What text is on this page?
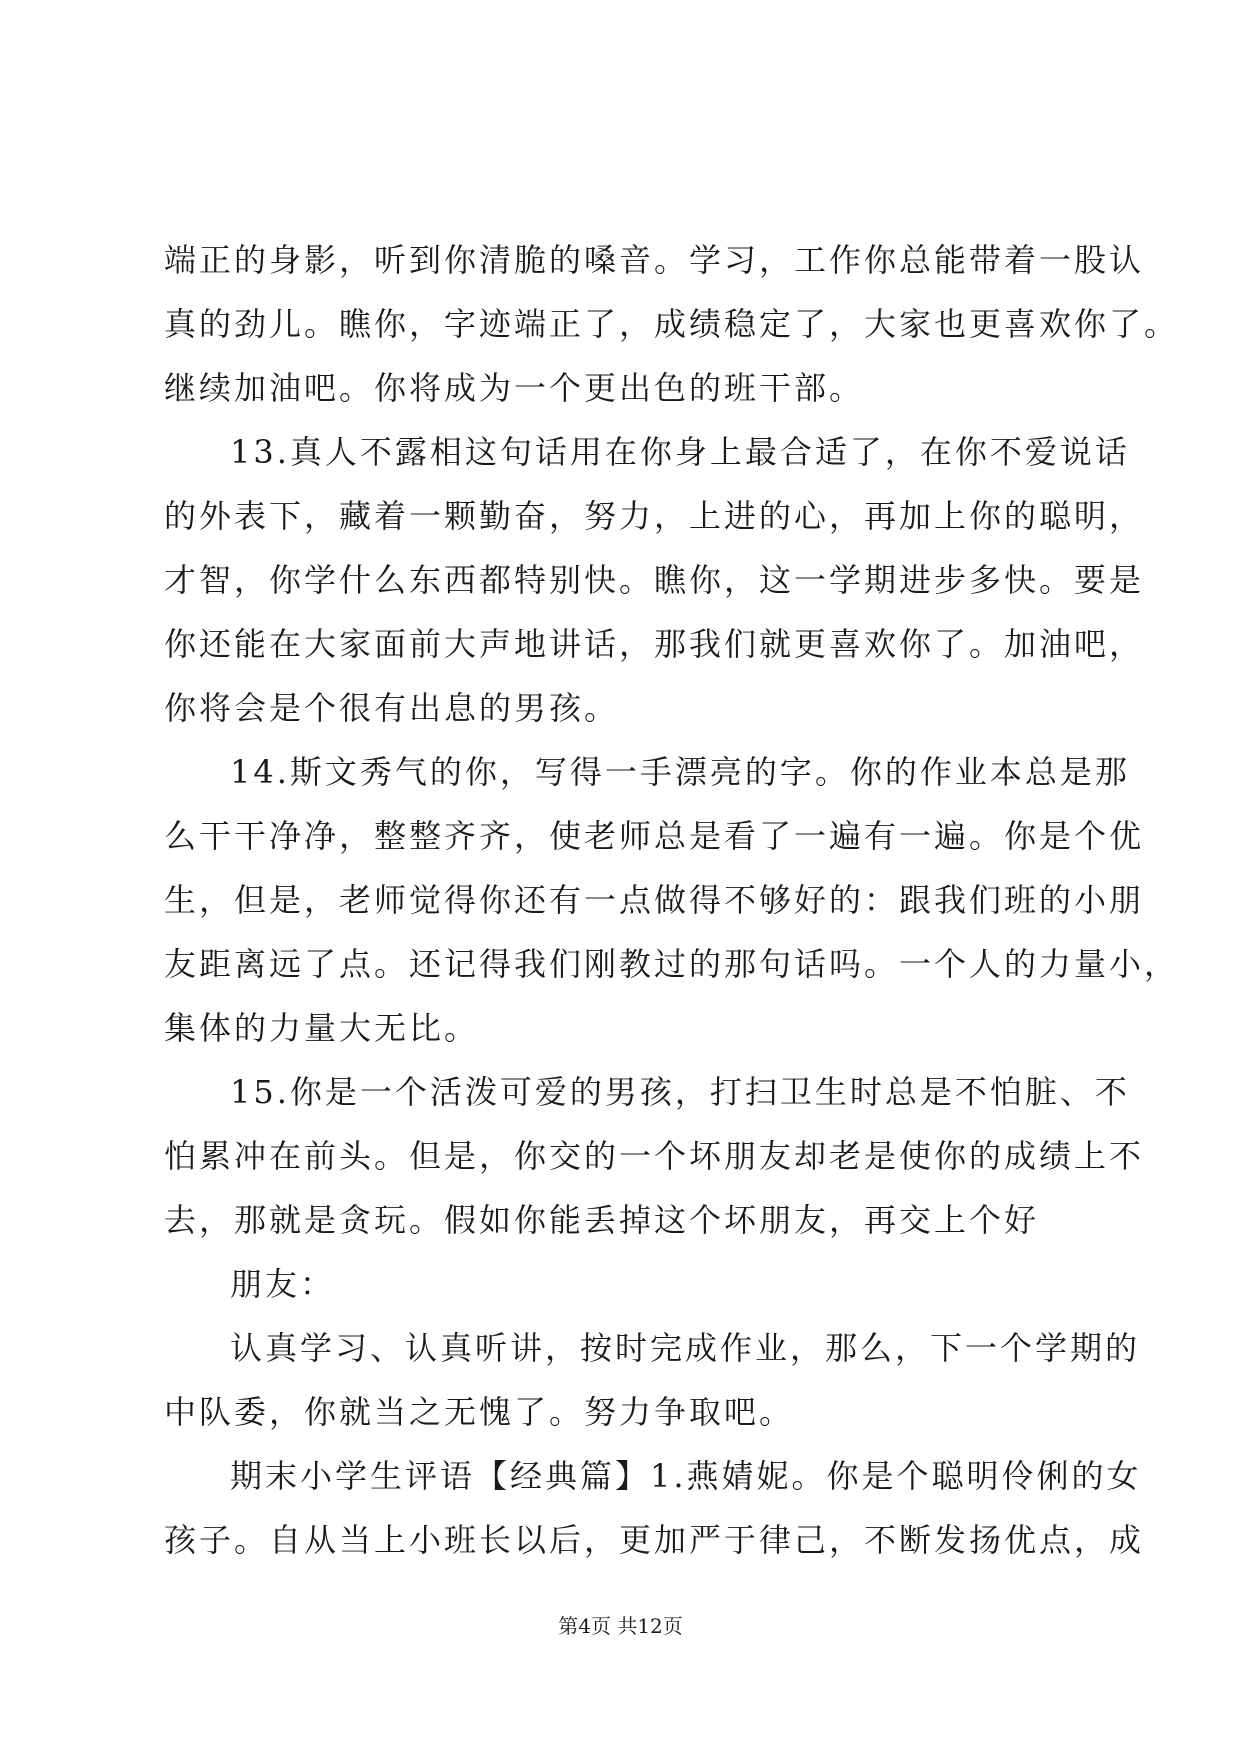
端正的身影，听到你清脆的嗓音。学习，工作你总能带着一股认
真的劲儿。瞧你，字迹端正了，成绩稳定了，大家也更喜欢你了。
继续加油吧。你将成为一个更出色的班干部。
13.真人不露相这句话用在你身上最合适了，在你不爱说话
的外表下，藏着一颗勤奋，努力，上进的心，再加上你的聪明，
才智，你学什么东西都特别快。瞧你，这一学期进步多快。要是
你还能在大家面前大声地讲话，那我们就更喜欢你了。加油吧，
你将会是个很有出息的男孩。
14.斯文秀气的你，写得一手漂亮的字。你的作业本总是那
么干干净净，整整齐齐，使老师总是看了一遍有一遍。你是个优
生，但是，老师觉得你还有一点做得不够好的：跟我们班的小朋
友距离远了点。还记得我们刚教过的那句话吗。一个人的力量小，
集体的力量大无比。
15.你是一个活泼可爱的男孩，打扫卫生时总是不怕脏、不
怕累冲在前头。但是，你交的一个坏朋友却老是使你的成绩上不
去，那就是贪玩。假如你能丢掉这个坏朋友，再交上个好
朋友：
认真学习、认真听讲，按时完成作业，那么，下一个学期的
中队委，你就当之无愧了。努力争取吧。
期末小学生评语【经典篇】1.燕婧妮。你是个聪明伶俐的女
孩子。自从当上小班长以后，更加严于律己，不断发扬优点，成
第4页 共12页
